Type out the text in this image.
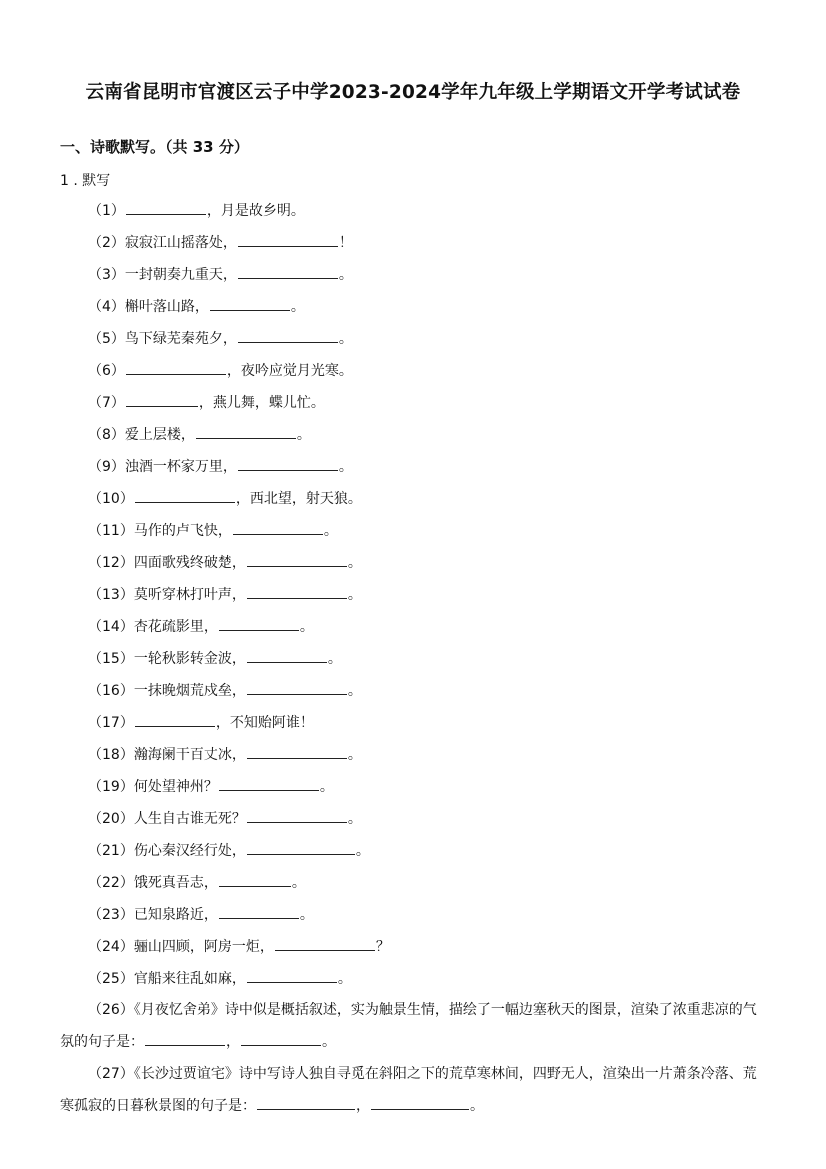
云南省昆明市官渡区云子中学2023-2024学年九年级上学期语文开学考试试卷
一、诗歌默写。（共 33 分）
1 . 默写
（1）	，月是故乡明。
（2）寂寂江山摇落处，	！
（3）一封朝奏九重天，	。
（4）槲叶落山路，	。
（5）鸟下绿芜秦苑夕，	。
（6）	，夜吟应觉月光寒。
（7）	，燕儿舞，蝶儿忙。
（8）爱上层楼，	。
（9）浊酒一杯家万里，	。
（10）	，西北望，射天狼。
（11）马作的卢飞快，	。
（12）四面歌残终破楚，	。
（13）莫听穿林打叶声，	。
（14）杏花疏影里，	。
（15）一轮秋影转金波，	。
（16）一抹晚烟荒戍垒，	。
（17）	，不知贻阿谁！
（18）瀚海阑干百丈冰，	。
（19）何处望神州？	。
（20）人生自古谁无死？	。
（21）伤心秦汉经行处，	。
（22）饿死真吾志，	。
（23）已知泉路近，	。
（24）骊山四顾，阿房一炬，	？
（25）官船来往乱如麻，	。
（26）《月夜忆舍弟》诗中似是概括叙述，实为触景生情，描绘了一幅边塞秋天的图景，渲染了浓重悲凉的气氛的句子是：	，	。
（27）《长沙过贾谊宅》诗中写诗人独自寻觅在斜阳之下的荒草寒林间，四野无人，渲染出一片萧条冷落、荒寒孤寂的日暮秋景图的句子是：	，	。
